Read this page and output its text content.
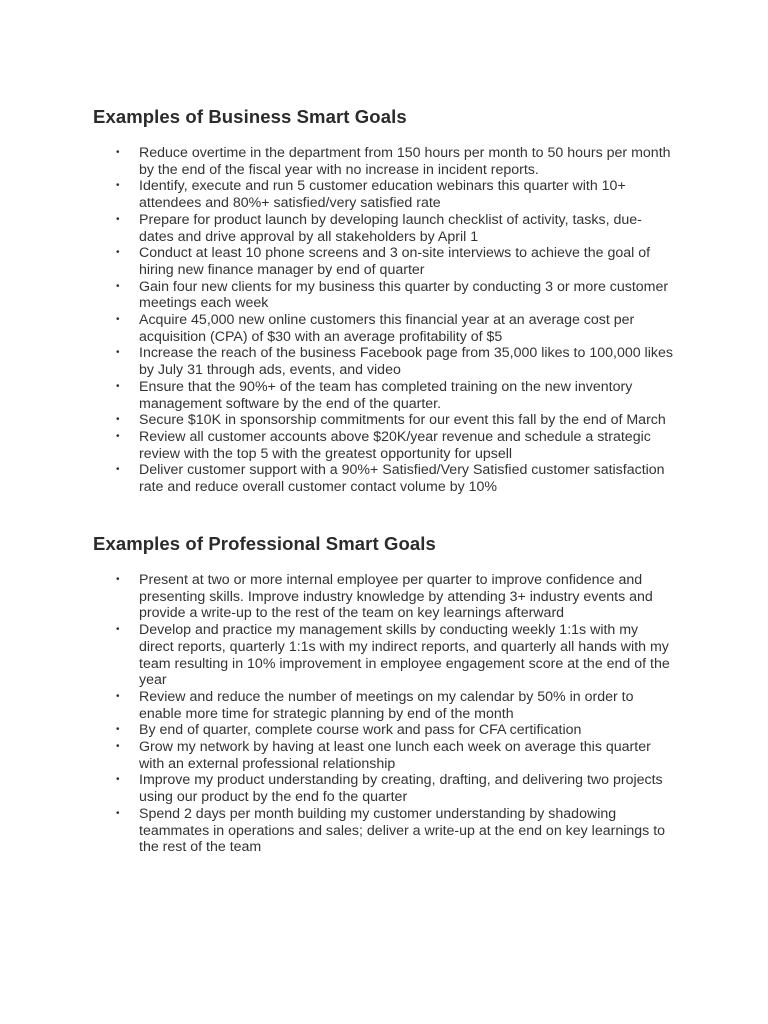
Examples of Business Smart Goals
• Reduce overtime in the department from 150 hours per month to 50 hours per month by the end of the fiscal year with no increase in incident reports.
• Identify, execute and run 5 customer education webinars this quarter with 10+ attendees and 80%+ satisfied/very satisfied rate
• Prepare for product launch by developing launch checklist of activity, tasks, due-dates and drive approval by all stakeholders by April 1
• Conduct at least 10 phone screens and 3 on-site interviews to achieve the goal of hiring new finance manager by end of quarter
• Gain four new clients for my business this quarter by conducting 3 or more customer meetings each week
• Acquire 45,000 new online customers this financial year at an average cost per acquisition (CPA) of $30 with an average profitability of $5
• Increase the reach of the business Facebook page from 35,000 likes to 100,000 likes by July 31 through ads, events, and video
• Ensure that the 90%+ of the team has completed training on the new inventory management software by the end of the quarter.
• Secure $10K in sponsorship commitments for our event this fall by the end of March
• Review all customer accounts above $20K/year revenue and schedule a strategic review with the top 5 with the greatest opportunity for upsell
• Deliver customer support with a 90%+ Satisfied/Very Satisfied customer satisfaction rate and reduce overall customer contact volume by 10%
Examples of Professional Smart Goals
• Present at two or more internal employee per quarter to improve confidence and presenting skills. Improve industry knowledge by attending 3+ industry events and provide a write-up to the rest of the team on key learnings afterward
• Develop and practice my management skills by conducting weekly 1:1s with my direct reports, quarterly 1:1s with my indirect reports, and quarterly all hands with my team resulting in 10% improvement in employee engagement score at the end of the year
• Review and reduce the number of meetings on my calendar by 50% in order to enable more time for strategic planning by end of the month
• By end of quarter, complete course work and pass for CFA certification
• Grow my network by having at least one lunch each week on average this quarter with an external professional relationship
• Improve my product understanding by creating, drafting, and delivering two projects using our product by the end fo the quarter
• Spend 2 days per month building my customer understanding by shadowing teammates in operations and sales; deliver a write-up at the end on key learnings to the rest of the team
